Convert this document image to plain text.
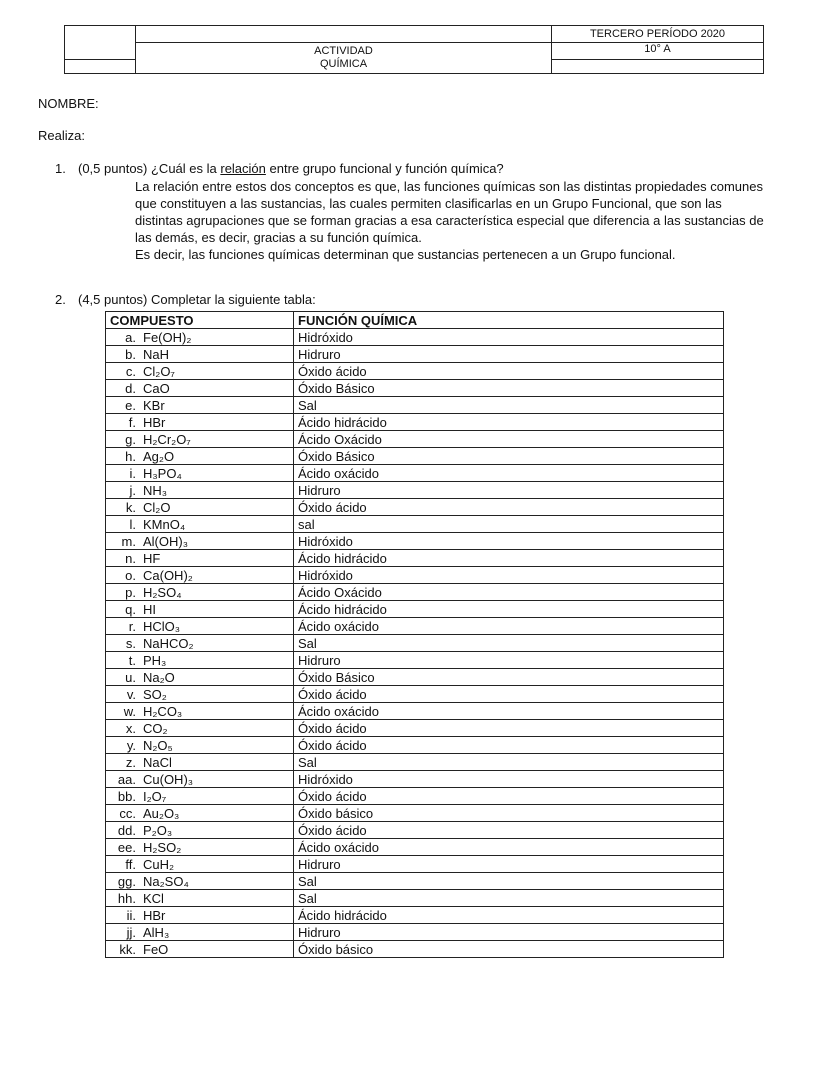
		TERCERO PERÍODO 2020

	ACTIVIDAD
QUÍMICA	10° A

NOMBRE:
Realiza:
1. (0,5 puntos) ¿Cuál es la relación entre grupo funcional y función química?
La relación entre estos dos conceptos es que, las funciones químicas son las distintas propiedades comunes
que constituyen a las sustancias, las cuales permiten clasificarlas en un Grupo Funcional, que son las
distintas agrupaciones que se forman gracias a esa característica especial que diferencia a las sustancias de
las demás, es decir, gracias a su función química.
Es decir, las funciones químicas determinan que sustancias pertenecen a un Grupo funcional.
2. (4,5 puntos) Completar la siguiente tabla:
COMPUESTO	FUNCIÓN QUÍMICA
a. Fe(OH)₂	Hidróxido
b. NaH	Hidruro
c. Cl₂O₇	Óxido ácido
d. CaO	Óxido Básico
e. KBr	Sal
f. HBr	Ácido hidrácido
g. H₂Cr₂O₇	Ácido Oxácido
h. Ag₂O	Óxido Básico
i. H₃PO₄	Ácido oxácido
j. NH₃	Hidruro
k. Cl₂O	Óxido ácido
l. KMnO₄	sal
m. Al(OH)₃	Hidróxido
n. HF	Ácido hidrácido
o. Ca(OH)₂	Hidróxido
p. H₂SO₄	Ácido Oxácido
q. HI	Ácido hidrácido
r. HClO₃	Ácido oxácido
s. NaHCO₂	Sal
t. PH₃	Hidruro
u. Na₂O	Óxido Básico
v. SO₂	Óxido ácido
w. H₂CO₃	Ácido oxácido
x. CO₂	Óxido ácido
y. N₂O₅	Óxido ácido
z. NaCl	Sal
aa. Cu(OH)₃	Hidróxido
bb. I₂O₇	Óxido ácido
cc. Au₂O₃	Óxido básico
dd. P₂O₃	Óxido ácido
ee. H₂SO₂	Ácido oxácido
ff. CuH₂	Hidruro
gg. Na₂SO₄	Sal
hh. KCl	Sal
ii. HBr	Ácido hidrácido
jj. AlH₃	Hidruro
kk. FeO	Óxido básico
